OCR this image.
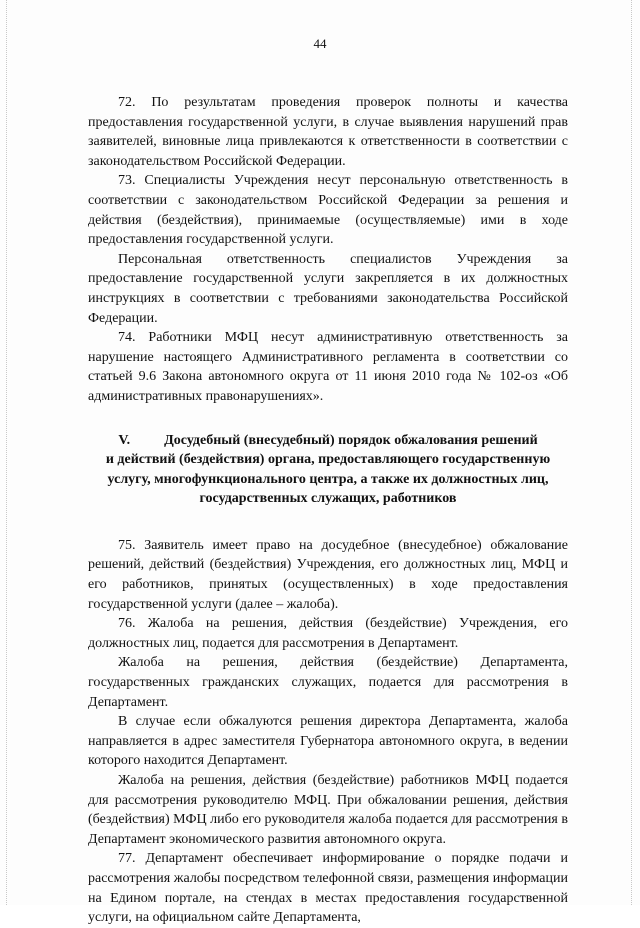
44

72. По результатам проведения проверок полноты и качества предоставления государственной услуги, в случае выявления нарушений прав заявителей, виновные лица привлекаются к ответственности в соответствии с законодательством Российской Федерации.

73. Специалисты Учреждения несут персональную ответственность в соответствии с законодательством Российской Федерации за решения и действия (бездействия), принимаемые (осуществляемые) ими в ходе предоставления государственной услуги.

Персональная ответственность специалистов Учреждения за предоставление государственной услуги закрепляется в их должностных инструкциях в соответствии с требованиями законодательства Российской Федерации.

74. Работники МФЦ несут административную ответственность за нарушение настоящего Административного регламента в соответствии со статьей 9.6 Закона автономного округа от 11 июня 2010 года № 102-оз «Об административных правонарушениях».

V. Досудебный (внесудебный) порядок обжалования решений
и действий (бездействия) органа, предоставляющего государственную
услугу, многофункционального центра, а также их должностных лиц,
государственных служащих, работников

75. Заявитель имеет право на досудебное (внесудебное) обжалование решений, действий (бездействия) Учреждения, его должностных лиц, МФЦ и его работников, принятых (осуществленных) в ходе предоставления государственной услуги (далее – жалоба).

76. Жалоба на решения, действия (бездействие) Учреждения, его должностных лиц, подается для рассмотрения в Департамент.

Жалоба на решения, действия (бездействие) Департамента, государственных гражданских служащих, подается для рассмотрения в Департамент.

В случае если обжалуются решения директора Департамента, жалоба направляется в адрес заместителя Губернатора автономного округа, в ведении которого находится Департамент.

Жалоба на решения, действия (бездействие) работников МФЦ подается для рассмотрения руководителю МФЦ. При обжаловании решения, действия (бездействия) МФЦ либо его руководителя жалоба подается для рассмотрения в Департамент экономического развития автономного округа.

77. Департамент обеспечивает информирование о порядке подачи и рассмотрения жалобы посредством телефонной связи, размещения информации на Едином портале, на стендах в местах предоставления государственной услуги, на официальном сайте Департамента,
